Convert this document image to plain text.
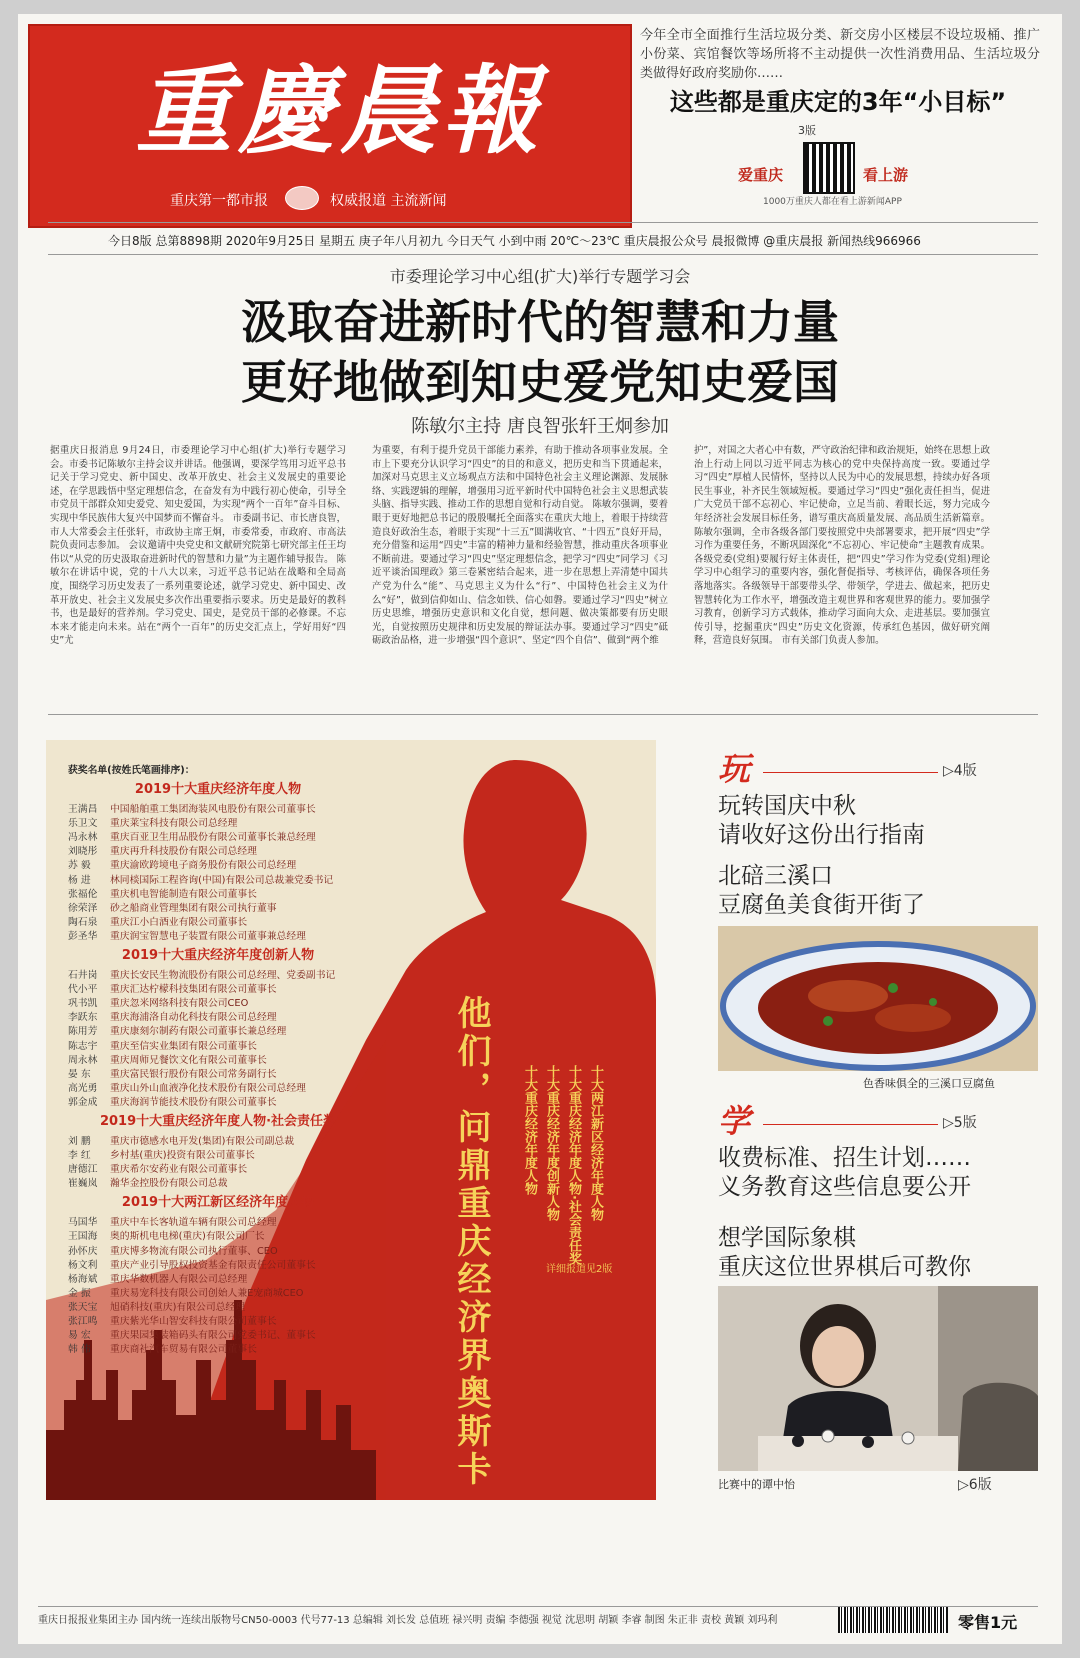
重慶晨報
重庆第一都市报	权威报道 主流新闻
今年全市全面推行生活垃圾分类、新交房小区楼层不设垃圾桶、推广小份菜、宾馆餐饮等场所将不主动提供一次性消费用品、生活垃圾分类做得好政府奖励你……
这些都是重庆定的3年“小目标”
3版
爱重庆	看上游
1000万重庆人都在看上游新闻APP
今日8版 总第8898期 2020年9月25日 星期五 庚子年八月初九 今日天气 小到中雨 20℃～23℃ 重庆晨报公众号 晨报微博 @重庆晨报 新闻热线966966
市委理论学习中心组(扩大)举行专题学习会
汲取奋进新时代的智慧和力量
更好地做到知史爱党知史爱国
陈敏尔主持 唐良智张轩王炯参加
据重庆日报消息 9月24日，市委理论学习中心组(扩大)举行专题学习会。市委书记陈敏尔主持会议并讲话。他强调，要深学笃用习近平总书记关于学习党史、新中国史、改革开放史、社会主义发展史的重要论述，在学思践悟中坚定理想信念，在奋发有为中践行初心使命，引导全市党员干部群众知史爱党、知史爱国，为实现“两个一百年”奋斗目标、实现中华民族伟大复兴中国梦而不懈奋斗。 市委副书记、市长唐良智，市人大常委会主任张轩，市政协主席王炯，市委常委，市政府、市高法院负责同志参加。 会议邀请中央党史和文献研究院第七研究部主任王均伟以“从党的历史汲取奋进新时代的智慧和力量”为主题作辅导报告。 陈敏尔在讲话中说，党的十八大以来，习近平总书记站在战略和全局高度，围绕学习历史发表了一系列重要论述，就学习党史、新中国史、改革开放史、社会主义发展史多次作出重要指示要求。历史是最好的教科书，也是最好的营养剂。学习党史、国史，是党员干部的必修课。不忘本来才能走向未来。站在“两个一百年”的历史交汇点上，学好用好“四史”尤
为重要，有利于提升党员干部能力素养，有助于推动各项事业发展。全市上下要充分认识学习“四史”的目的和意义，把历史和当下贯通起来，加深对马克思主义立场观点方法和中国特色社会主义理论渊源、发展脉络、实践逻辑的理解，增强用习近平新时代中国特色社会主义思想武装头脑、指导实践、推动工作的思想自觉和行动自觉。 陈敏尔强调，要着眼于更好地把总书记的殷殷嘱托全面落实在重庆大地上，着眼于持续营造良好政治生态，着眼于实现“十三五”圆满收官、“十四五”良好开局，充分借鉴和运用“四史”丰富的精神力量和经验智慧，推动重庆各项事业不断前进。要通过学习“四史”坚定理想信念，把学习“四史”同学习《习近平谈治国理政》第三卷紧密结合起来，进一步在思想上弄清楚中国共产党为什么“能”、马克思主义为什么“行”、中国特色社会主义为什么“好”，做到信仰如山、信念如铁、信心如磐。要通过学习“四史”树立历史思维，增强历史意识和文化自觉，想问题、做决策都要有历史眼光，自觉按照历史规律和历史发展的辩证法办事。要通过学习“四史”砥砺政治品格，进一步增强“四个意识”、坚定“四个自信”、做到“两个维
护”，对国之大者心中有数，严守政治纪律和政治规矩，始终在思想上政治上行动上同以习近平同志为核心的党中央保持高度一致。要通过学习“四史”厚植人民情怀，坚持以人民为中心的发展思想，持续办好各项民生事业，补齐民生领域短板。要通过学习“四史”强化责任担当，促进广大党员干部不忘初心、牢记使命，立足当前、着眼长远，努力完成今年经济社会发展目标任务，谱写重庆高质量发展、高品质生活新篇章。 陈敏尔强调，全市各级各部门要按照党中央部署要求，把开展“四史”学习作为重要任务，不断巩固深化“不忘初心、牢记使命”主题教育成果。各级党委(党组)要履行好主体责任，把“四史”学习作为党委(党组)理论学习中心组学习的重要内容，强化督促指导、考核评估，确保各项任务落地落实。各级领导干部要带头学、带领学，学进去、做起来，把历史智慧转化为工作水平，增强改造主观世界和客观世界的能力。要加强学习教育，创新学习方式载体，推动学习面向大众、走进基层。要加强宣传引导，挖掘重庆“四史”历史文化资源，传承红色基因，做好研究阐释，营造良好氛围。 市有关部门负责人参加。
获奖名单(按姓氏笔画排序)：
2019十大重庆经济年度人物
王满昌 中国船舶重工集团海装风电股份有限公司董事长
乐卫文 重庆莱宝科技有限公司总经理
冯永林 重庆百亚卫生用品股份有限公司董事长兼总经理
刘晓彤 重庆再升科技股份有限公司总经理
苏 毅 重庆渝欧跨境电子商务股份有限公司总经理
杨 进 林同棪国际工程咨询(中国)有限公司总裁兼党委书记
张福伦 重庆机电智能制造有限公司董事长
徐荣泽 砂之船商业管理集团有限公司执行董事
陶石泉 重庆江小白酒业有限公司董事长
彭圣华 重庆润宝智慧电子装置有限公司董事兼总经理
2019十大重庆经济年度创新人物
石井岗 重庆长安民生物流股份有限公司总经理、党委副书记
代小平 重庆汇达柠檬科技集团有限公司董事长
巩书凯 重庆忽米网络科技有限公司CEO
李跃东 重庆海浦洛自动化科技有限公司总经理
陈用芳 重庆康刻尔制药有限公司董事长兼总经理
陈志宇 重庆至信实业集团有限公司董事长
周永林 重庆周师兄餐饮文化有限公司董事长
晏 东 重庆富民银行股份有限公司常务副行长
高光勇 重庆山外山血液净化技术股份有限公司总经理
郭金成 重庆海润节能技术股份有限公司董事长
2019十大重庆经济年度人物·社会责任奖
刘 鹏 重庆市德感水电开发(集团)有限公司副总裁
李 红 乡村基(重庆)投资有限公司董事长
唐德江 重庆希尔安药业有限公司董事长
崔巍岚 瀚华金控股份有限公司总裁
2019十大两江新区经济年度人物
马国华 重庆中车长客轨道车辆有限公司总经理
王国海 奥的斯机电电梯(重庆)有限公司厂长
孙怀庆 重庆博多物流有限公司执行董事、CEO
杨文利 重庆产业引导股权投资基金有限责任公司董事长
杨海斌 重庆华数机器人有限公司总经理
金 振 重庆易宠科技有限公司创始人兼E宠商城CEO
张天宝 旭硝科技(重庆)有限公司总经理
张江鸣 重庆紫光华山智安科技有限公司董事长
易 宏 重庆果园集装箱码头有限公司党委书记、董事长
韩 伟 重庆商社汽车贸易有限公司董事长	他们，问鼎重庆经济界奥斯卡	十大两江新区经济年度人物
十大重庆经济年度人物·社会责任奖
十大重庆经济年度创新人物
十大重庆经济年度人物
详细报道见2版
玩	▷4版
玩转国庆中秋
请收好这份出行指南
北碚三溪口
豆腐鱼美食街开街了
色香味俱全的三溪口豆腐鱼
学	▷5版
收费标准、招生计划……
义务教育这些信息要公开
想学国际象棋
重庆这位世界棋后可教你
比赛中的谭中怡	▷6版
重庆日报报业集团主办 国内统一连续出版物号CN50-0003 代号77-13 总编辑 刘长发 总值班 禄兴明 责编 李德强 视觉 沈思明 胡颖 李睿 制图 朱正非 责校 黄颖 刘玛利	零售1元
